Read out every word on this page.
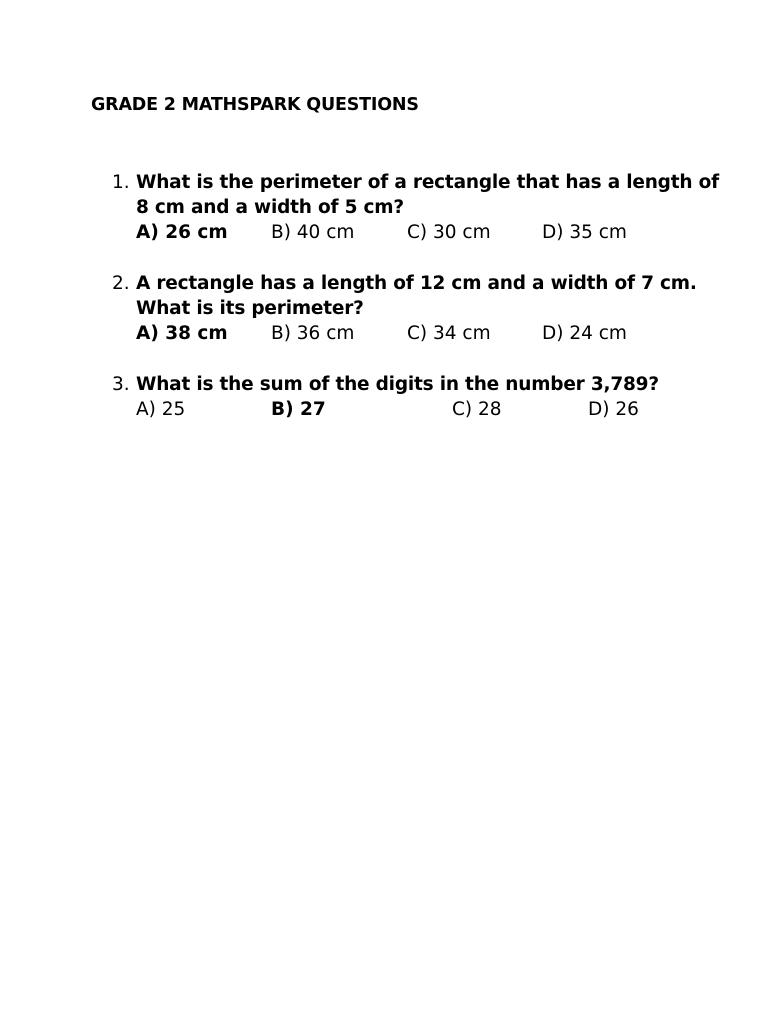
GRADE 2 MATHSPARK QUESTIONS
1. What is the perimeter of a rectangle that has a length of
8 cm and a width of 5 cm?
A) 26 cm B) 40 cm	C) 30 cm	D) 35 cm
2. A rectangle has a length of 12 cm and a width of 7 cm.
What is its perimeter?
A) 38 cm B) 36 cm	C) 34 cm	D) 24 cm
3. What is the sum of the digits in the number 3,789?
A) 25	B) 27	C) 28	D) 26
